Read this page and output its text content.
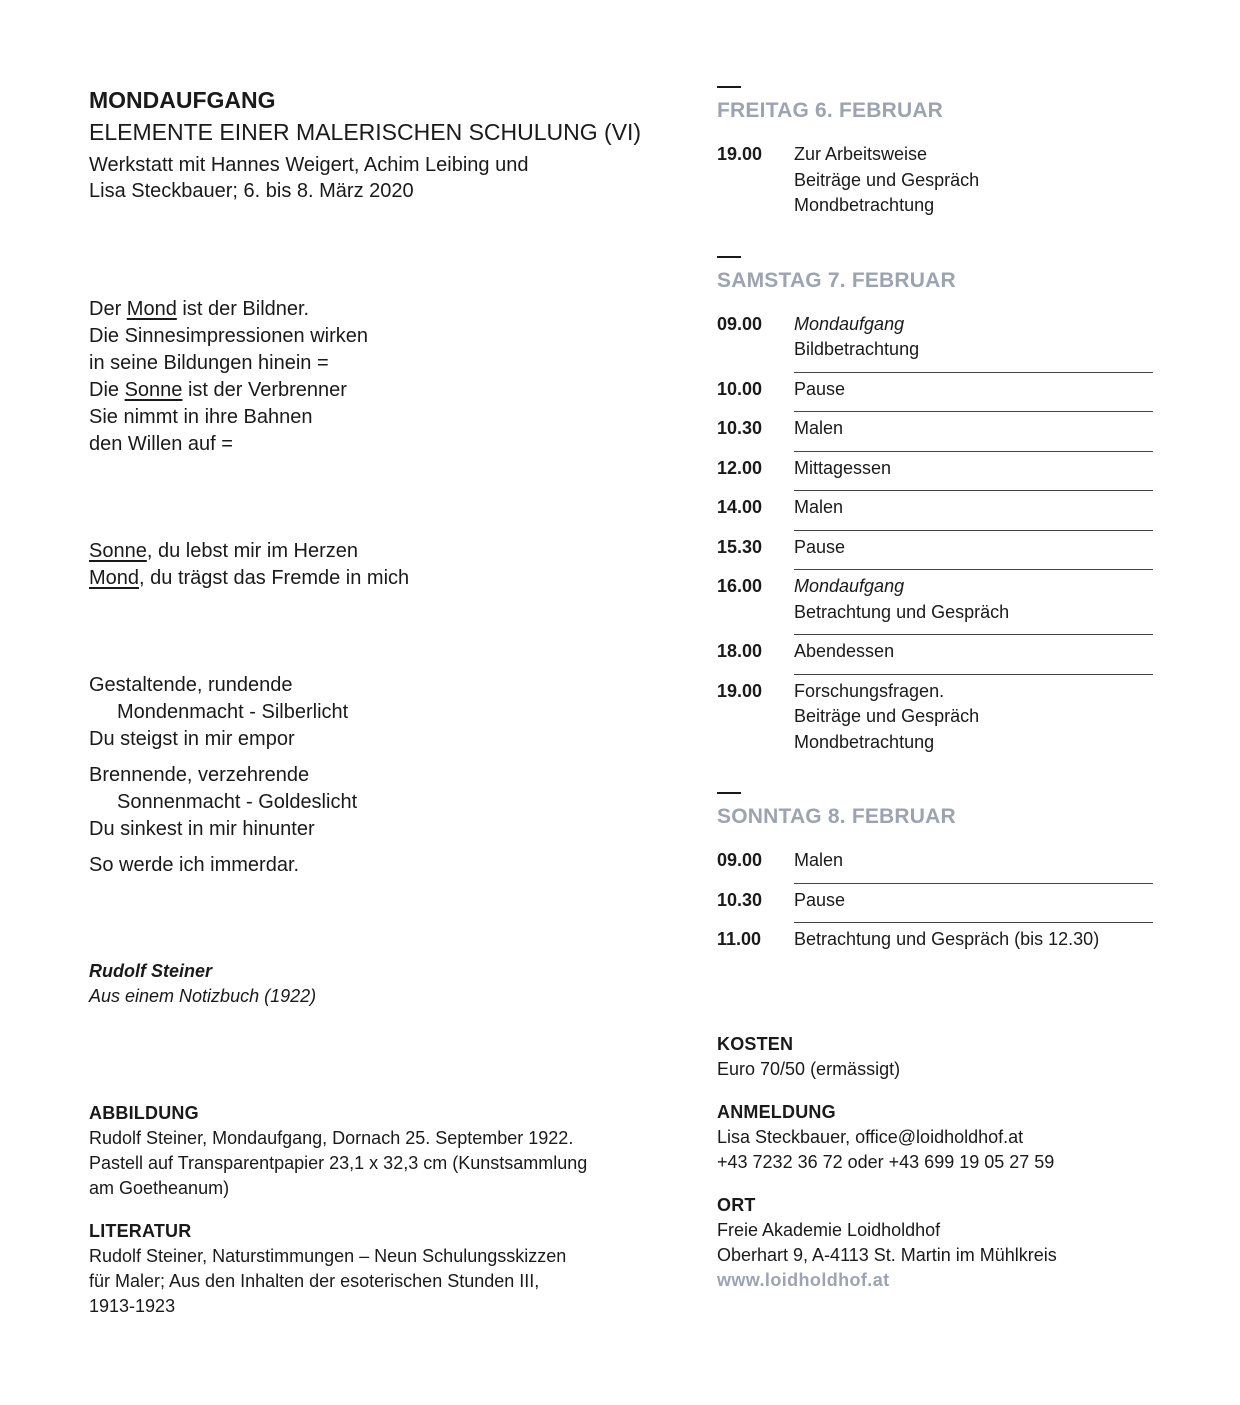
MONDAUFGANG
ELEMENTE EINER MALERISCHEN SCHULUNG (VI)
Werkstatt mit Hannes Weigert, Achim Leibing und
Lisa Steckbauer; 6. bis 8. März 2020
Der Mond ist der Bildner.
Die Sinnesimpressionen wirken
in seine Bildungen hinein =
Die Sonne ist der Verbrenner
Sie nimmt in ihre Bahnen
den Willen auf =
Sonne, du lebst mir im Herzen
Mond, du trägst das Fremde in mich
Gestaltende, rundende
Mondenmacht - Silberlicht
Du steigst in mir empor
Brennende, verzehrende
Sonnenmacht - Goldeslicht
Du sinkest in mir hinunter
So werde ich immerdar.
Rudolf Steiner
Aus einem Notizbuch (1922)
ABBILDUNG
Rudolf Steiner, Mondaufgang, Dornach 25. September 1922.
Pastell auf Transparentpapier 23,1 x 32,3 cm (Kunstsammlung
am Goetheanum)
LITERATUR
Rudolf Steiner, Naturstimmungen – Neun Schulungsskizzen
für Maler; Aus den Inhalten der esoterischen Stunden III,
1913-1923
FREITAG 6. FEBRUAR
19.00	Zur Arbeitsweise
Beiträge und Gespräch
Mondbetrachtung
SAMSTAG 7. FEBRUAR
09.00	Mondaufgang
Bildbetrachtung
10.00	Pause
10.30	Malen
12.00	Mittagessen
14.00	Malen
15.30	Pause
16.00	Mondaufgang
Betrachtung und Gespräch
18.00	Abendessen
19.00	Forschungsfragen.
Beiträge und Gespräch
Mondbetrachtung
SONNTAG 8. FEBRUAR
09.00	Malen
10.30	Pause
11.00	Betrachtung und Gespräch (bis 12.30)
KOSTEN
Euro 70/50 (ermässigt)
ANMELDUNG
Lisa Steckbauer, office@loidholdhof.at
+43 7232 36 72 oder +43 699 19 05 27 59
ORT
Freie Akademie Loidholdhof
Oberhart 9, A-4113 St. Martin im Mühlkreis
www.loidholdhof.at
